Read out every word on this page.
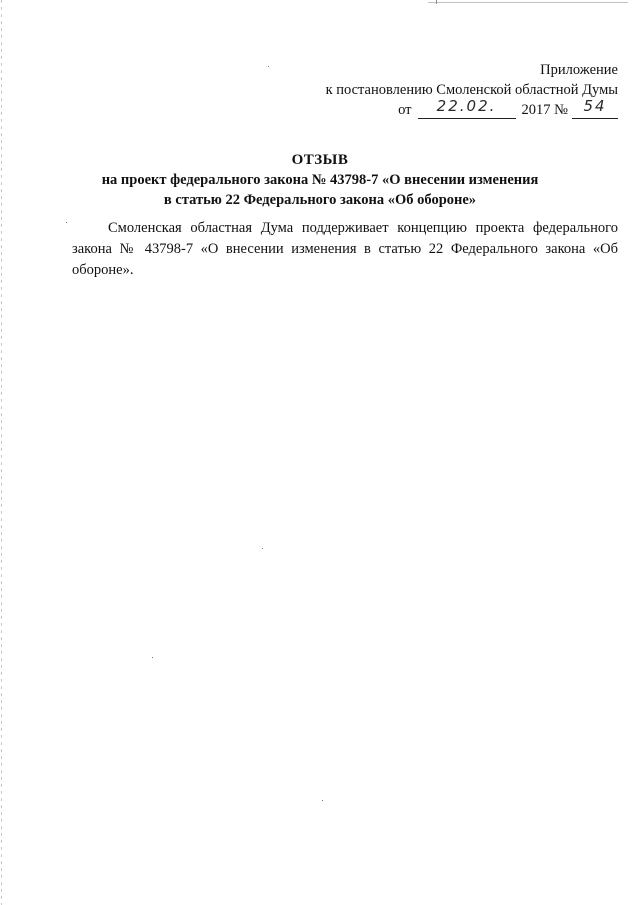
Приложение
к постановлению Смоленской областной Думы
от	22.02.	2017
№	54
ОТЗЫВ
на проект федерального закона № 43798-7 «О внесении изменения
в статью 22 Федерального закона «Об обороне»
Смоленская областная Дума поддерживает концепцию проекта федерального закона № 43798-7 «О внесении изменения в статью 22 Федерального закона «Об обороне».
